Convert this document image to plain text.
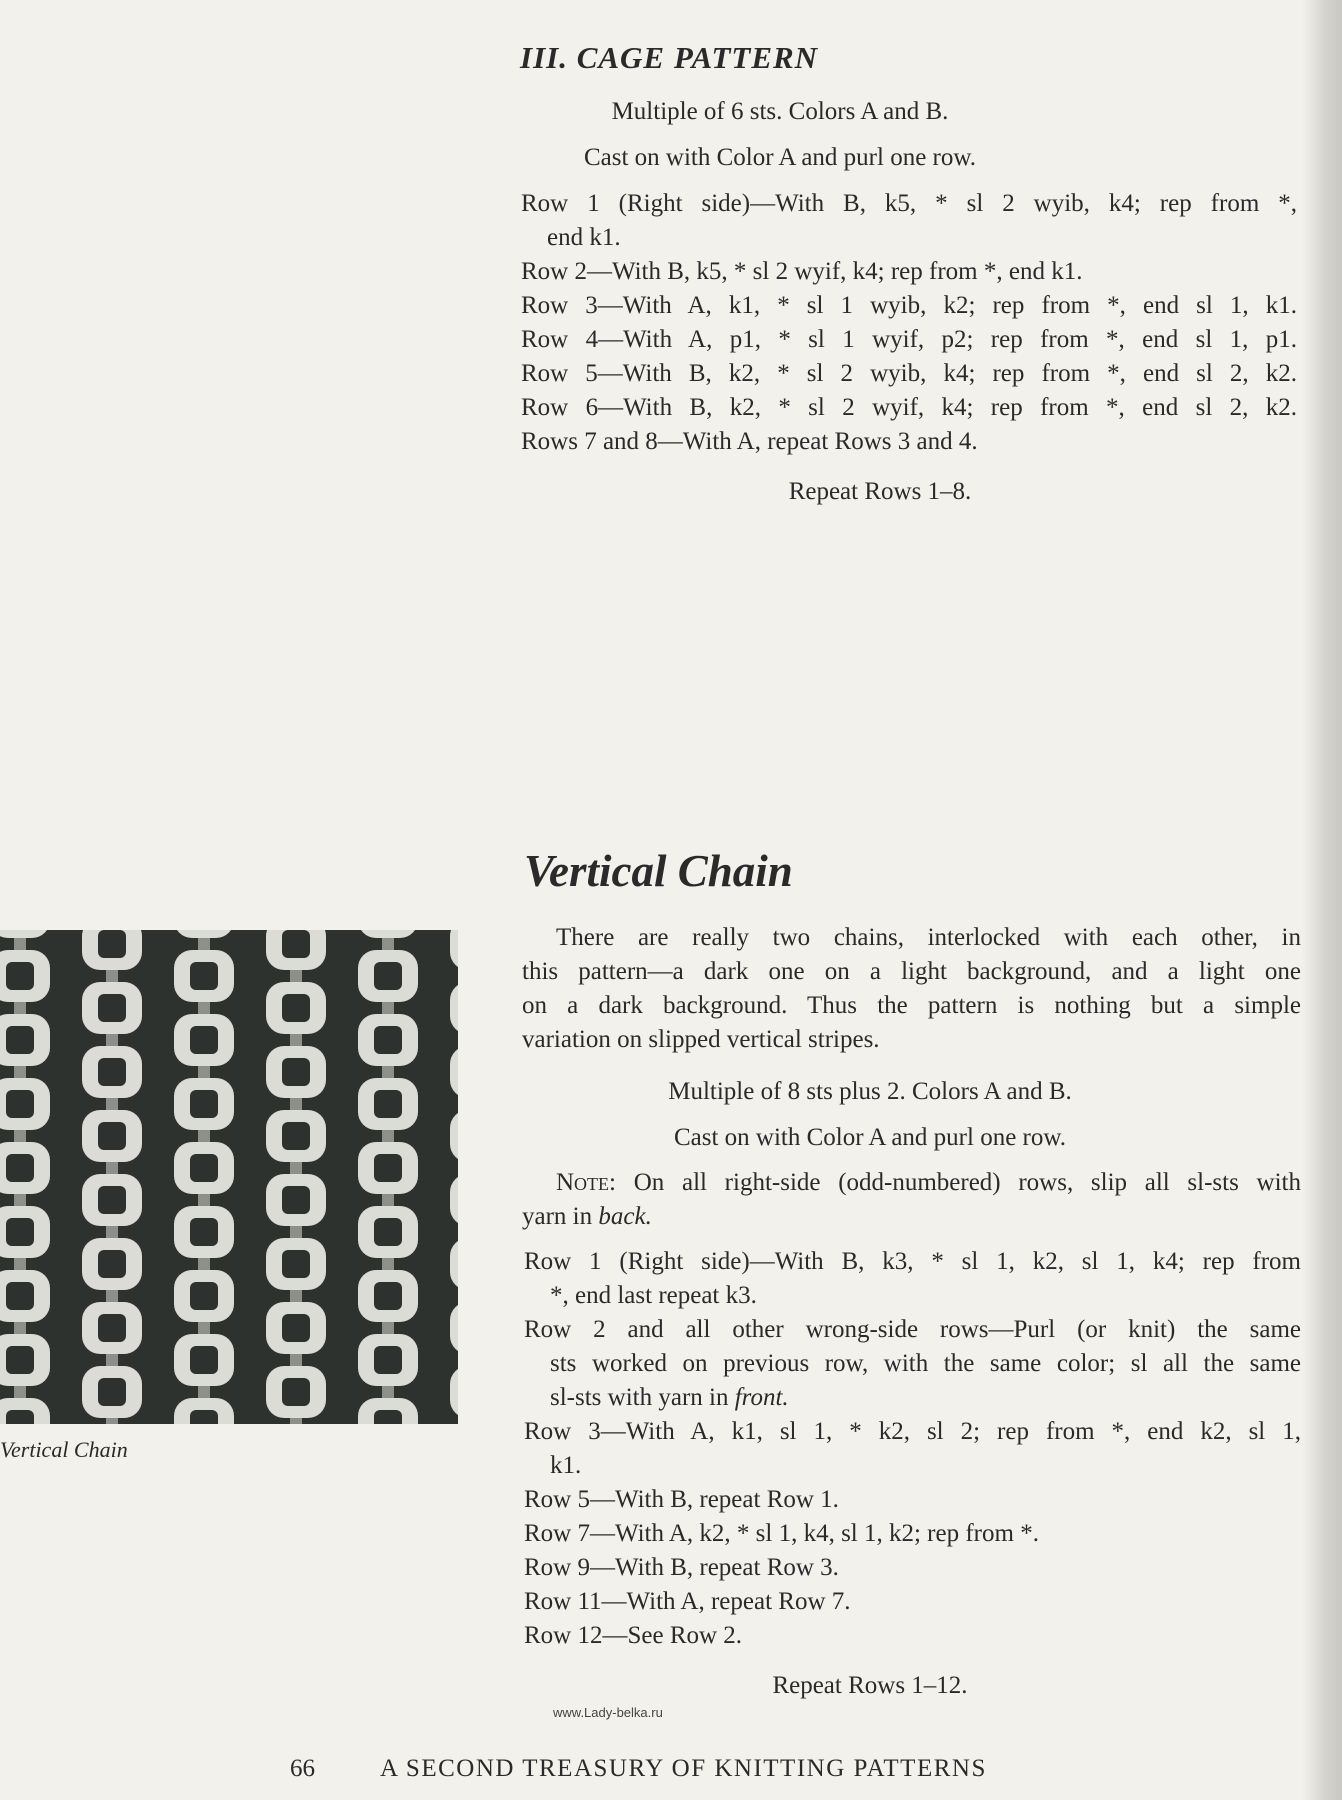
III. CAGE PATTERN
Multiple of 6 sts. Colors A and B.
Cast on with Color A and purl one row.
Row 1 (Right side)—With B, k5, * sl 2 wyib, k4; rep from *,
end k1.
Row 2—With B, k5, * sl 2 wyif, k4; rep from *, end k1.
Row 3—With A, k1, * sl 1 wyib, k2; rep from *, end sl 1, k1.
Row 4—With A, p1, * sl 1 wyif, p2; rep from *, end sl 1, p1.
Row 5—With B, k2, * sl 2 wyib, k4; rep from *, end sl 2, k2.
Row 6—With B, k2, * sl 2 wyif, k4; rep from *, end sl 2, k2.
Rows 7 and 8—With A, repeat Rows 3 and 4.
Repeat Rows 1–8.
Vertical Chain
There are really two chains, interlocked with each other, in
this pattern—a dark one on a light background, and a light one
on a dark background. Thus the pattern is nothing but a simple
variation on slipped vertical stripes.
Multiple of 8 sts plus 2. Colors A and B.
Cast on with Color A and purl one row.
Note: On all right-side (odd-numbered) rows, slip all sl-sts with
yarn in back.
Row 1 (Right side)—With B, k3, * sl 1, k2, sl 1, k4; rep from
*, end last repeat k3.
Row 2 and all other wrong-side rows—Purl (or knit) the same
sts worked on previous row, with the same color; sl all the same
sl-sts with yarn in front.
Row 3—With A, k1, sl 1, * k2, sl 2; rep from *, end k2, sl 1,
k1.
Row 5—With B, repeat Row 1.
Row 7—With A, k2, * sl 1, k4, sl 1, k2; rep from *.
Row 9—With B, repeat Row 3.
Row 11—With A, repeat Row 7.
Row 12—See Row 2.
Repeat Rows 1–12.
Vertical Chain
www.Lady-belka.ru
66	A SECOND TREASURY OF KNITTING PATTERNS
